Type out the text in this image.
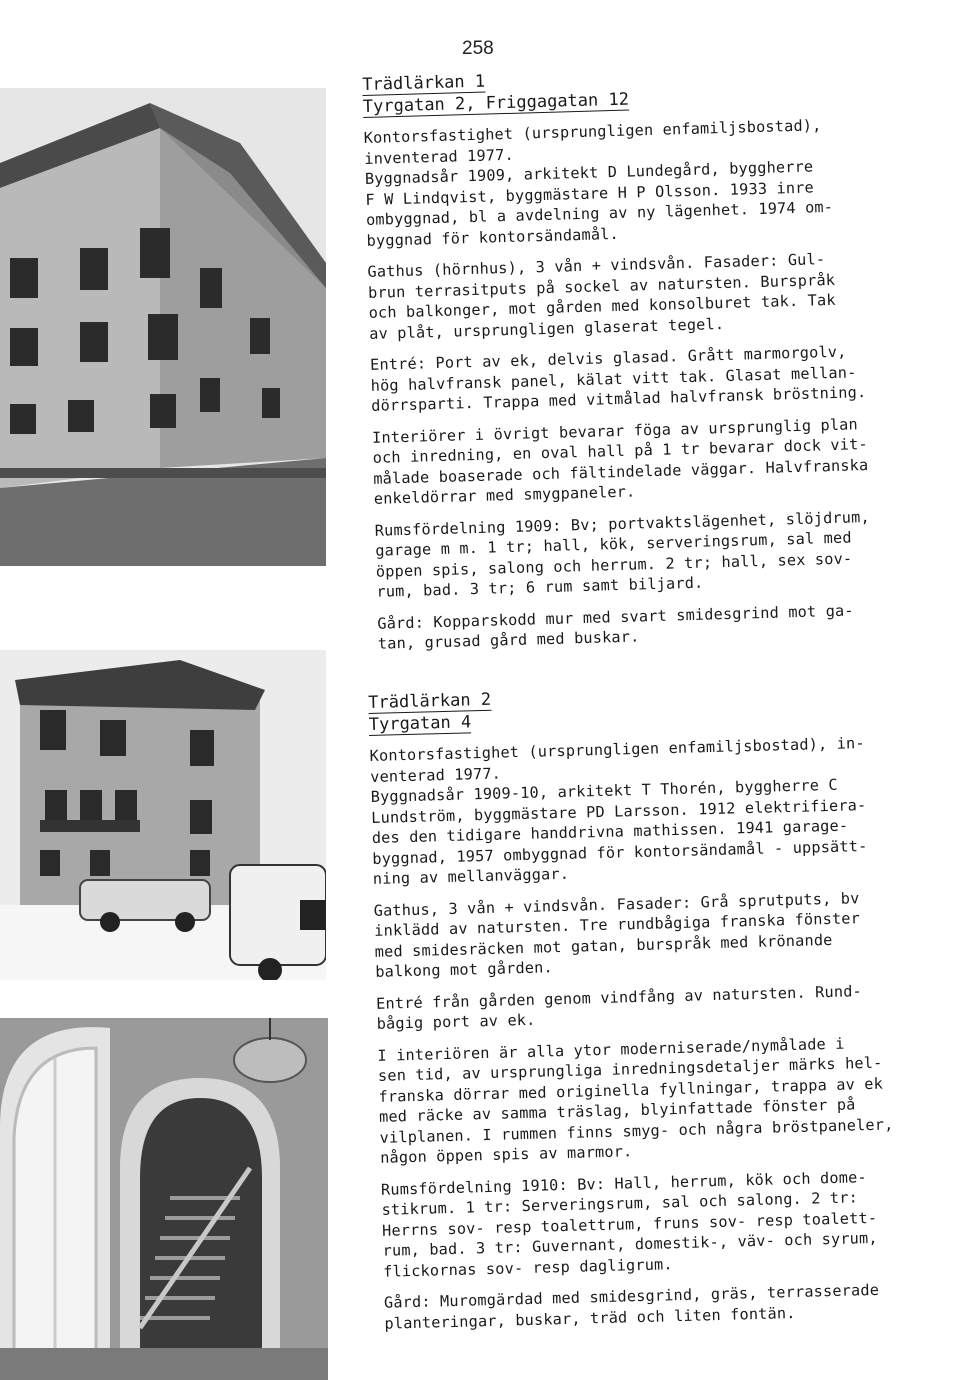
258
Trädlärkan 1
Tyrgatan 2, Friggagatan 12

Kontorsfastighet (ursprungligen enfamiljsbostad),
inventerad 1977.
Byggnadsår 1909, arkitekt D Lundegård, byggherre
F W Lindqvist, byggmästare H P Olsson. 1933 inre
ombyggnad, bl a avdelning av ny lägenhet. 1974 om-
byggnad för kontorsändamål.

Gathus (hörnhus), 3 vån + vindsvån. Fasader: Gul-
brun terrasitputs på sockel av natursten. Burspråk
och balkonger, mot gården med konsolburet tak. Tak
av plåt, ursprungligen glaserat tegel.

Entré: Port av ek, delvis glasad. Grått marmorgolv,
hög halvfransk panel, kälat vitt tak. Glasat mellan-
dörrsparti. Trappa med vitmålad halvfransk bröstning.

Interiörer i övrigt bevarar föga av ursprunglig plan
och inredning, en oval hall på 1 tr bevarar dock vit-
målade boaserade och fältindelade väggar. Halvfranska
enkeldörrar med smygpaneler.

Rumsfördelning 1909: Bv; portvaktslägenhet, slöjdrum,
garage m m. 1 tr; hall, kök, serveringsrum, sal med
öppen spis, salong och herrum. 2 tr; hall, sex sov-
rum, bad. 3 tr; 6 rum samt biljard.

Gård: Kopparskodd mur med svart smidesgrind mot ga-
tan, grusad gård med buskar.

Trädlärkan 2
Tyrgatan 4

Kontorsfastighet (ursprungligen enfamiljsbostad), in-
venterad 1977.
Byggnadsår 1909-10, arkitekt T Thorén, byggherre C
Lundström, byggmästare PD Larsson. 1912 elektrifiera-
des den tidigare handdrivna mathissen. 1941 garage-
byggnad, 1957 ombyggnad för kontorsändamål - uppsätt-
ning av mellanväggar.

Gathus, 3 vån + vindsvån. Fasader: Grå sprutputs, bv
inklädd av natursten. Tre rundbågiga franska fönster
med smidesräcken mot gatan, burspråk med krönande
balkong mot gården.

Entré från gården genom vindfång av natursten. Rund-
bågig port av ek.

I interiören är alla ytor moderniserade/nymålade i
sen tid, av ursprungliga inredningsdetaljer märks hel-
franska dörrar med originella fyllningar, trappa av ek
med räcke av samma träslag, blyinfattade fönster på
vilplanen. I rummen finns smyg- och några bröstpaneler,
någon öppen spis av marmor.

Rumsfördelning 1910: Bv: Hall, herrum, kök och dome-
stikrum. 1 tr: Serveringsrum, sal och salong. 2 tr:
Herrns sov- resp toalettrum, fruns sov- resp toalett-
rum, bad. 3 tr: Guvernant, domestik-, väv- och syrum,
flickornas sov- resp dagligrum.

Gård: Muromgärdad med smidesgrind, gräs, terrasserade
planteringar, buskar, träd och liten fontän.
